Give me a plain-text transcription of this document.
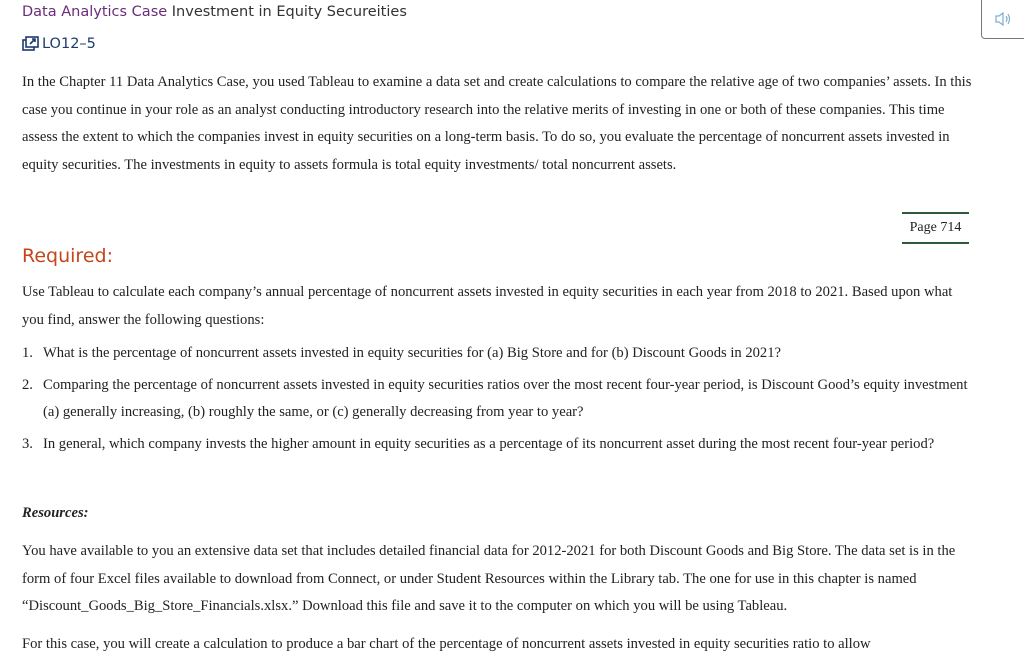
Data Analytics Case Investment in Equity Secureities
LO12–5
In the Chapter 11 Data Analytics Case, you used Tableau to examine a data set and create calculations to compare the relative age of two companies’ assets. In this case you continue in your role as an analyst conducting introductory research into the relative merits of investing in one or both of these companies. This time assess the extent to which the companies invest in equity securities on a long-term basis. To do so, you evaluate the percentage of noncurrent assets invested in equity securities. The investments in equity to assets formula is total equity investments/ total noncurrent assets.
Page 714
Required:
Use Tableau to calculate each company’s annual percentage of noncurrent assets invested in equity securities in each year from 2018 to 2021. Based upon what you find, answer the following questions:
1. What is the percentage of noncurrent assets invested in equity securities for (a) Big Store and for (b) Discount Goods in 2021?
2. Comparing the percentage of noncurrent assets invested in equity securities ratios over the most recent four-year period, is Discount Good’s equity investment (a) generally increasing, (b) roughly the same, or (c) generally decreasing from year to year?
3. In general, which company invests the higher amount in equity securities as a percentage of its noncurrent asset during the most recent four-year period?
Resources:
You have available to you an extensive data set that includes detailed financial data for 2012-2021 for both Discount Goods and Big Store. The data set is in the form of four Excel files available to download from Connect, or under Student Resources within the Library tab. The one for use in this chapter is named “Discount_Goods_Big_Store_Financials.xlsx.” Download this file and save it to the computer on which you will be using Tableau.
For this case, you will create a calculation to produce a bar chart of the percentage of noncurrent assets invested in equity securities ratio to allow
